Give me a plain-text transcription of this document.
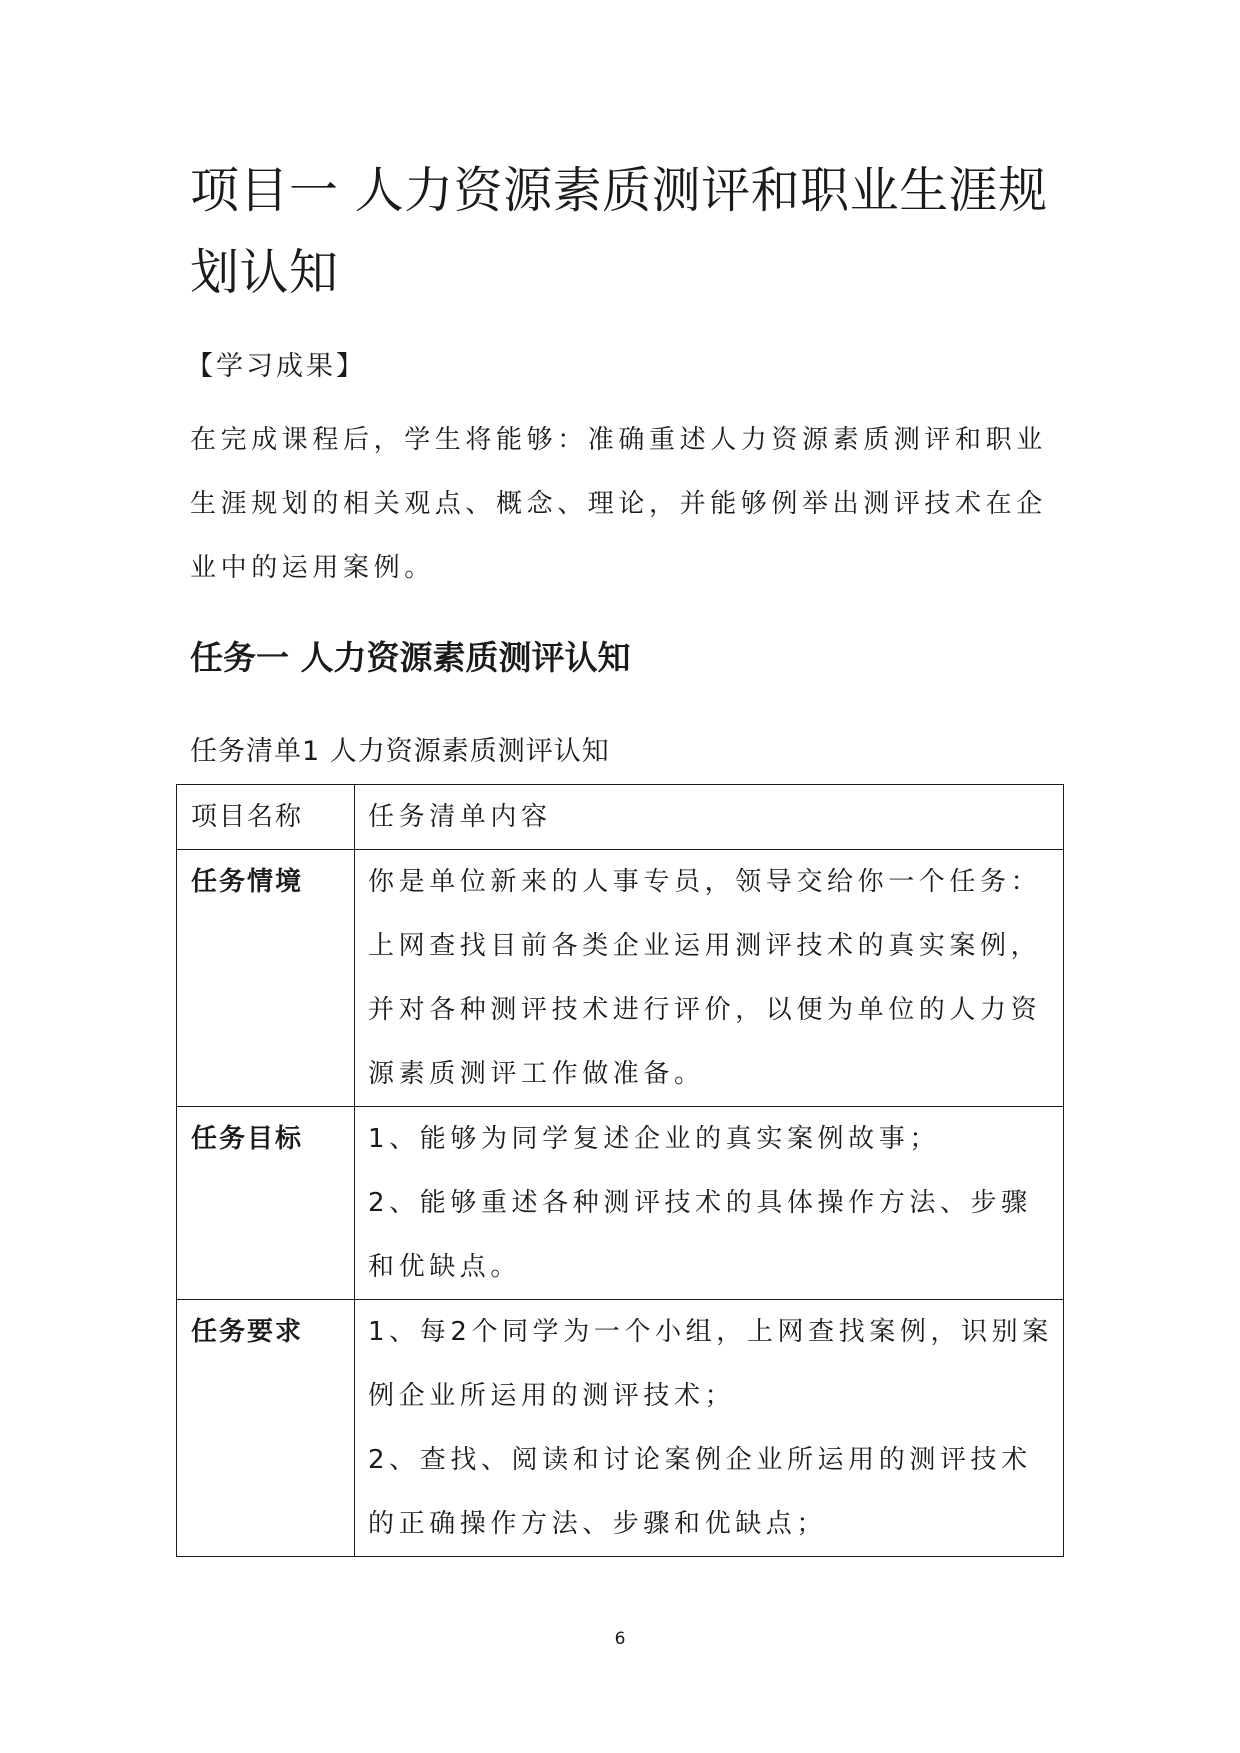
项目一 人力资源素质测评和职业生涯规划认知
【学习成果】

在完成课程后，学生将能够：准确重述人力资源素质测评和职业生涯规划的相关观点、概念、理论，并能够例举出测评技术在企业中的运用案例。

任务一 人力资源素质测评认知
任务清单1 人力资源素质测评认知
项目名称	任务清单内容
任务情境	你是单位新来的人事专员，领导交给你一个任务：上网查找目前各类企业运用测评技术的真实案例，并对各种测评技术进行评价，以便为单位的人力资源素质测评工作做准备。
任务目标	1、能够为同学复述企业的真实案例故事；
2、能够重述各种测评技术的具体操作方法、步骤和优缺点。

任务要求	1、每2个同学为一个小组，上网查找案例，识别案例企业所运用的测评技术；
2、查找、阅读和讨论案例企业所运用的测评技术的正确操作方法、步骤和优缺点；
6
